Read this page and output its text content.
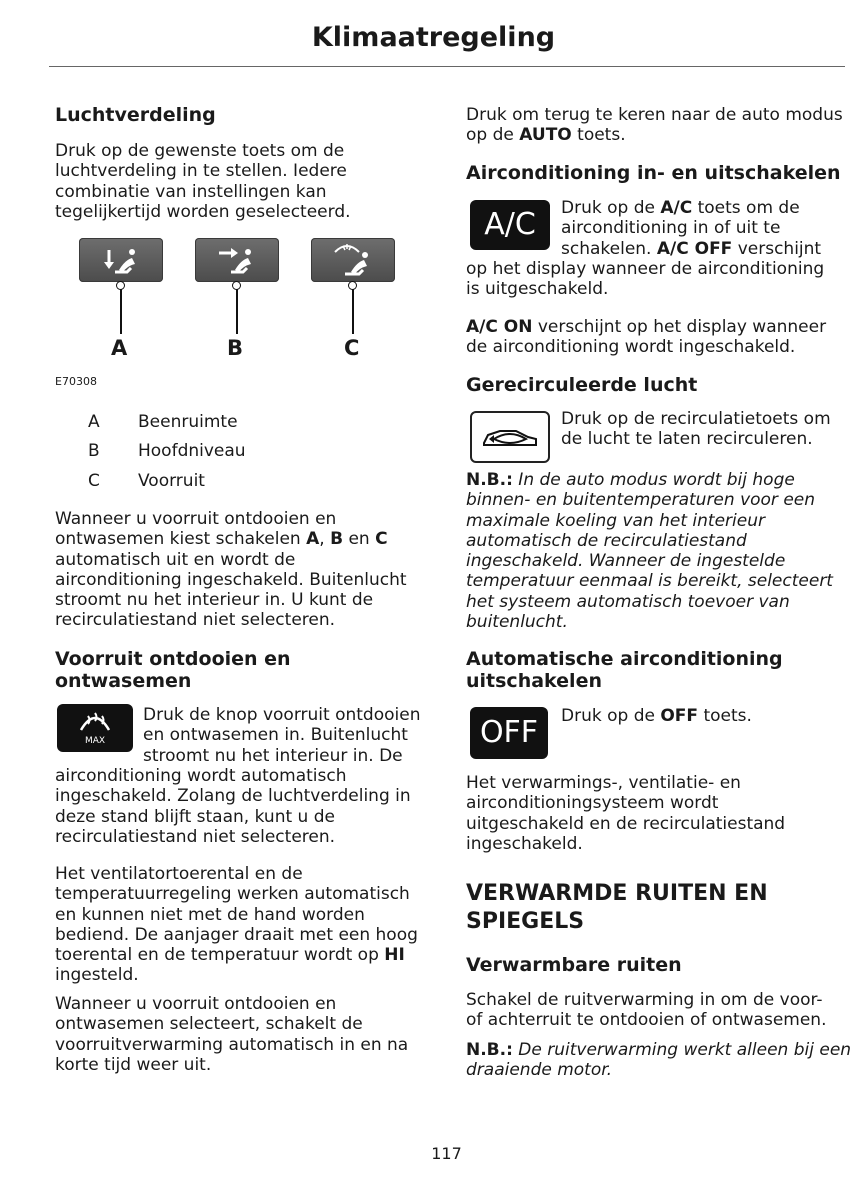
Klimaatregeling
Luchtverdeling
Druk op de gewenste toets om de
luchtverdeling in te stellen. Iedere
combinatie van instellingen kan
tegelijkertijd worden geselecteerd.
A	B	C
E70308
A Beenruimte
B Hoofdniveau
C Voorruit
Wanneer u voorruit ontdooien en
ontwasemen kiest schakelen A, B en C
automatisch uit en wordt de
airconditioning ingeschakeld. Buitenlucht
stroomt nu het interieur in. U kunt de
recirculatiestand niet selecteren.
Voorruit ontdooien en
ontwasemen
MAX
Druk de knop voorruit ontdooien
en ontwasemen in. Buitenlucht
stroomt nu het interieur in. De
airconditioning wordt automatisch
ingeschakeld. Zolang de luchtverdeling in
deze stand blijft staan, kunt u de
recirculatiestand niet selecteren.
Het ventilatortoerental en de
temperatuurregeling werken automatisch
en kunnen niet met de hand worden
bediend. De aanjager draait met een hoog
toerental en de temperatuur wordt op HI
ingesteld.
Wanneer u voorruit ontdooien en
ontwasemen selecteert, schakelt de
voorruitverwarming automatisch in en na
korte tijd weer uit.
Druk om terug te keren naar de auto modus
op de AUTO toets.
Airconditioning in- en uitschakelen
A/C	Druk op de A/C toets om de
airconditioning in of uit te
schakelen. A/C OFF verschijnt
op het display wanneer de airconditioning
is uitgeschakeld.
A/C ON verschijnt op het display wanneer
de airconditioning wordt ingeschakeld.
Gerecirculeerde lucht
Druk op de recirculatietoets om
de lucht te laten recirculeren.
N.B.: In de auto modus wordt bij hoge
binnen- en buitentemperaturen voor een
maximale koeling van het interieur
automatisch de recirculatiestand
ingeschakeld. Wanneer de ingestelde
temperatuur eenmaal is bereikt, selecteert
het systeem automatisch toevoer van
buitenlucht.
Automatische airconditioning
uitschakelen
OFF	Druk op de OFF toets.
Het verwarmings-, ventilatie- en
airconditioningsysteem wordt
uitgeschakeld en de recirculatiestand
ingeschakeld.
VERWARMDE RUITEN EN
SPIEGELS
Verwarmbare ruiten
Schakel de ruitverwarming in om de voor-
of achterruit te ontdooien of ontwasemen.
N.B.: De ruitverwarming werkt alleen bij een
draaiende motor.
117
